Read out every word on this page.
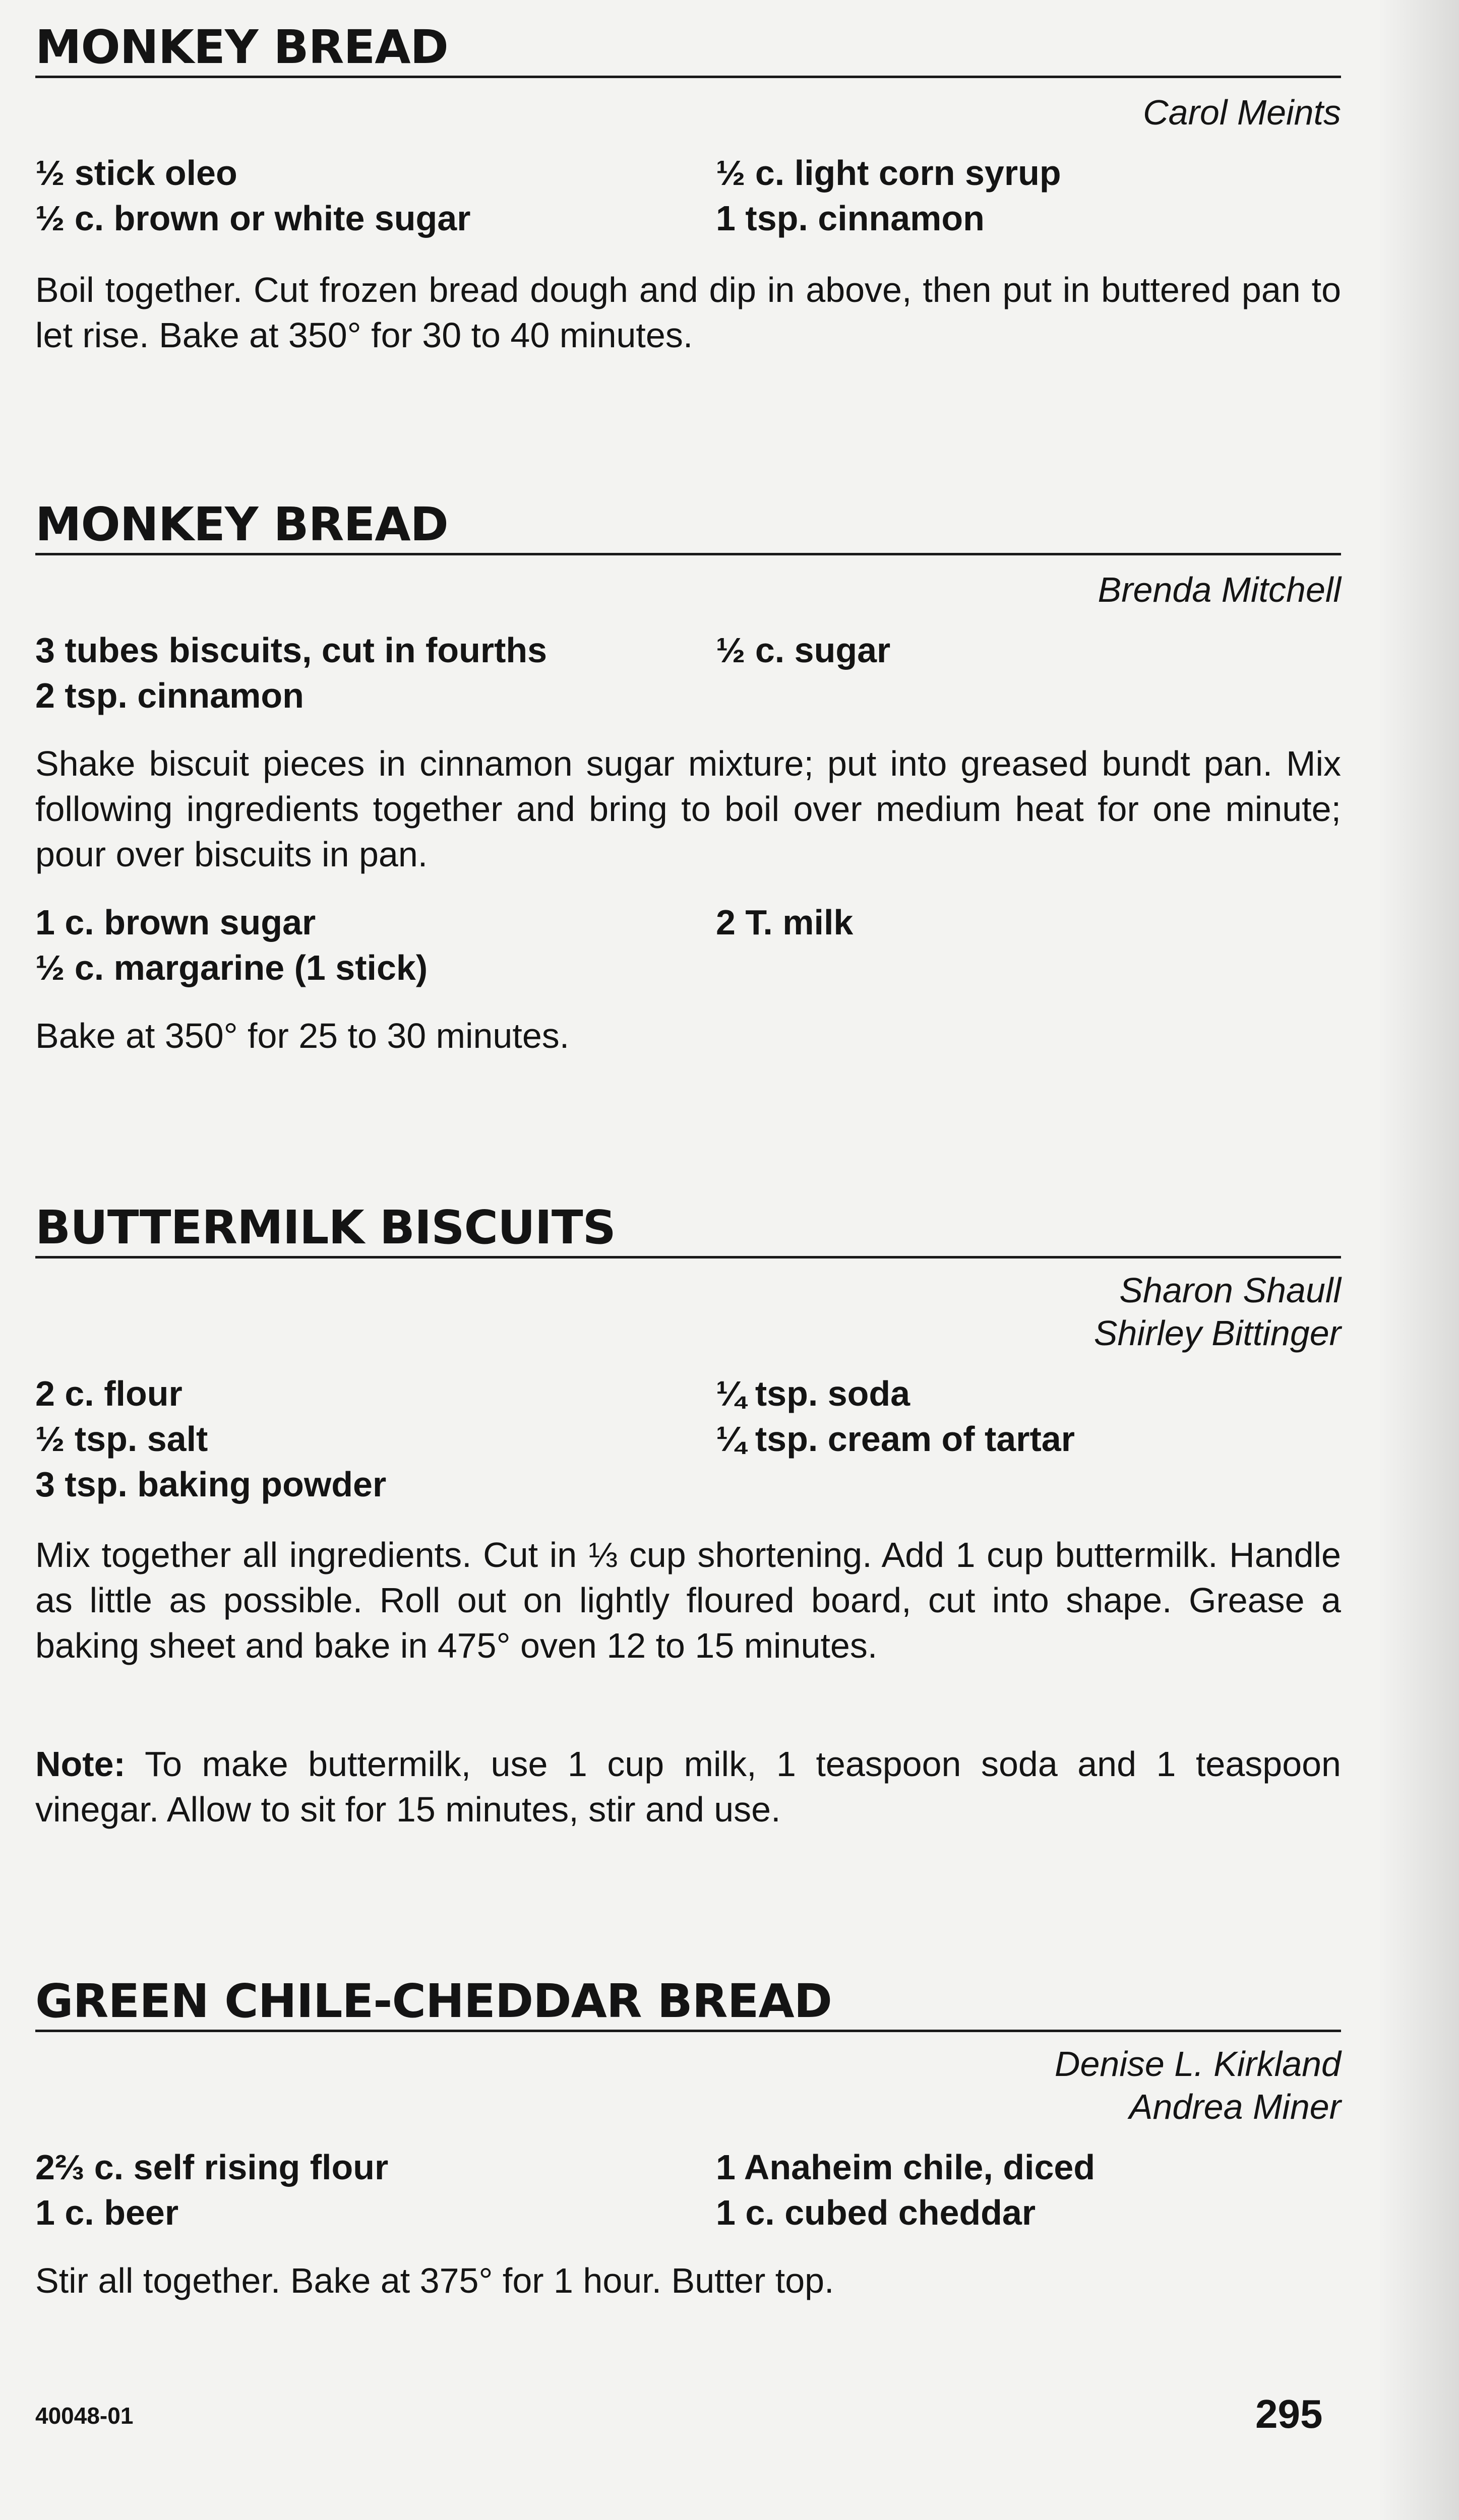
MONKEY BREAD
Carol Meints
½ stick oleo
½ c. brown or white sugar
½ c. light corn syrup
1 tsp. cinnamon

Boil together. Cut frozen bread dough and dip in above, then put in buttered pan to let rise. Bake at 350° for 30 to 40 minutes.

MONKEY BREAD
Brenda Mitchell
3 tubes biscuits, cut in fourths
2 tsp. cinnamon
½ c. sugar

Shake biscuit pieces in cinnamon sugar mixture; put into greased bundt pan. Mix following ingredients together and bring to boil over medium heat for one minute; pour over biscuits in pan.

1 c. brown sugar
½ c. margarine (1 stick)
2 T. milk

Bake at 350° for 25 to 30 minutes.

BUTTERMILK BISCUITS
Sharon Shaull
Shirley Bittinger
2 c. flour
½ tsp. salt
3 tsp. baking powder
¼ tsp. soda
¼ tsp. cream of tartar

Mix together all ingredients. Cut in ⅓ cup shortening. Add 1 cup buttermilk. Handle as little as possible. Roll out on lightly floured board, cut into shape. Grease a baking sheet and bake in 475° oven 12 to 15 minutes.

Note: To make buttermilk, use 1 cup milk, 1 teaspoon soda and 1 teaspoon vinegar. Allow to sit for 15 minutes, stir and use.

GREEN CHILE-CHEDDAR BREAD
Denise L. Kirkland
Andrea Miner
2⅔ c. self rising flour
1 c. beer
1 Anaheim chile, diced
1 c. cubed cheddar

Stir all together. Bake at 375° for 1 hour. Butter top.

40048-01	295
